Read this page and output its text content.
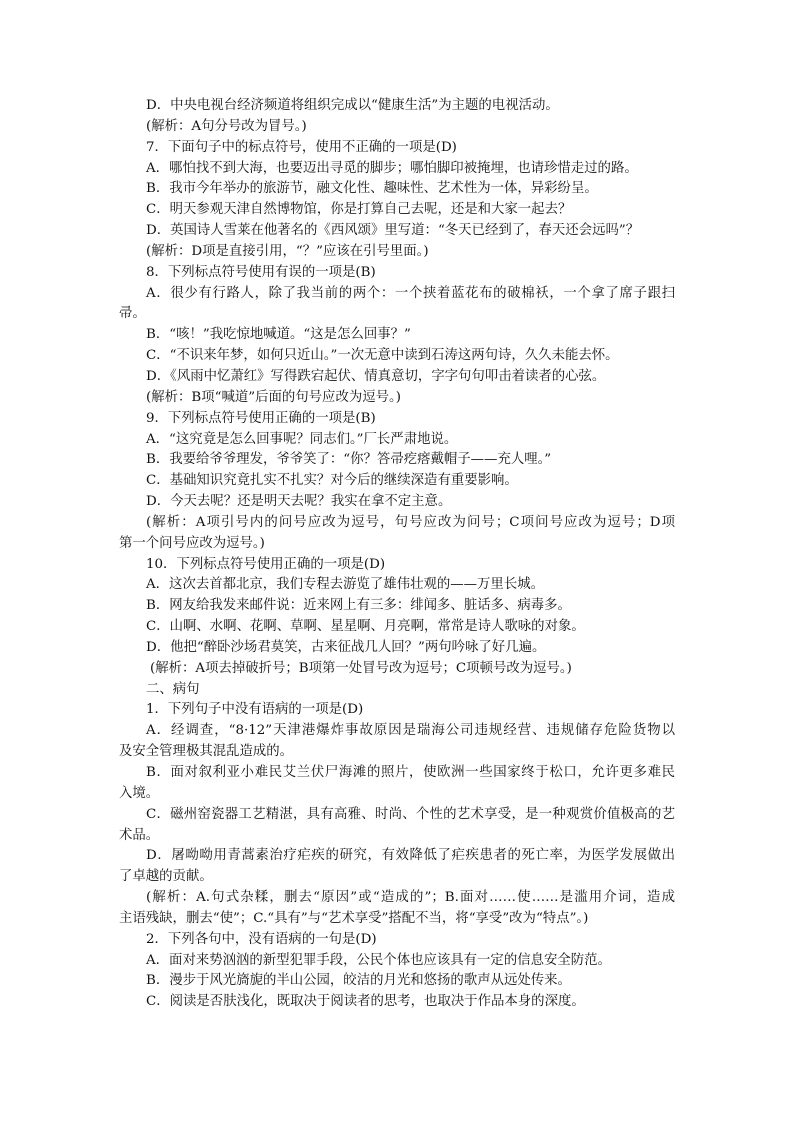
D．中央电视台经济频道将组织完成以“健康生活”为主题的电视活动。
(解析：A句分号改为冒号。)
7．下面句子中的标点符号，使用不正确的一项是(D)
A．哪怕找不到大海，也要迈出寻觅的脚步；哪怕脚印被掩埋，也请珍惜走过的路。
B．我市今年举办的旅游节，融文化性、趣味性、艺术性为一体，异彩纷呈。
C．明天参观天津自然博物馆，你是打算自己去呢，还是和大家一起去？
D．英国诗人雪莱在他著名的《西风颂》里写道：“冬天已经到了，春天还会远吗”？
(解析：D项是直接引用，“？”应该在引号里面。)
8．下列标点符号使用有误的一项是(B)
A．很少有行路人，除了我当前的两个：一个挟着蓝花布的破棉袄，一个拿了席子跟扫
帚。
B．“咳！”我吃惊地喊道。“这是怎么回事？”
C．“不识来年梦，如何只近山。”一次无意中读到石涛这两句诗，久久未能去怀。
D．《风雨中忆萧红》写得跌宕起伏、情真意切，字字句句叩击着读者的心弦。
(解析：B项“喊道”后面的句号应改为逗号。)
9．下列标点符号使用正确的一项是(B)
A．“这究竟是怎么回事呢？同志们。”厂长严肃地说。
B．我要给爷爷理发，爷爷笑了：“你？答帚疙瘩戴帽子——充人哩。”
C．基础知识究竟扎实不扎实？对今后的继续深造有重要影响。
D．今天去呢？还是明天去呢？我实在拿不定主意。
(解析：A项引号内的问号应改为逗号，句号应改为问号；C项问号应改为逗号；D项
第一个问号应改为逗号。)
10．下列标点符号使用正确的一项是(D)
A．这次去首都北京，我们专程去游览了雄伟壮观的——万里长城。
B．网友给我发来邮件说：近来网上有三多：绯闻多、脏话多、病毒多。
C．山啊、水啊、花啊、草啊、星星啊、月亮啊，常常是诗人歌咏的对象。
D．他把“醉卧沙场君莫笑，古来征战几人回？”两句吟咏了好几遍。
(解析：A项去掉破折号；B项第一处冒号改为逗号；C项顿号改为逗号。)
二、病句
1．下列句子中没有语病的一项是(D)
A．经调查，“8·12”天津港爆炸事故原因是瑞海公司违规经营、违规储存危险货物以
及安全管理极其混乱造成的。
B．面对叙利亚小难民艾兰伏尸海滩的照片，使欧洲一些国家终于松口，允许更多难民
入境。
C．磁州窑瓷器工艺精湛，具有高雅、时尚、个性的艺术享受，是一种观赏价值极高的艺
术品。
D．屠呦呦用青蒿素治疗疟疾的研究，有效降低了疟疾患者的死亡率，为医学发展做出
了卓越的贡献。
(解析：A.句式杂糅，删去“原因”或“造成的”；B.面对……使……是滥用介词，造成
主语残缺，删去“使”；C.“具有”与“艺术享受”搭配不当，将“享受”改为“特点”。)
2．下列各句中，没有语病的一句是(D)
A．面对来势汹汹的新型犯罪手段，公民个体也应该具有一定的信息安全防范。
B．漫步于风光旖旎的半山公园，皎洁的月光和悠扬的歌声从远处传来。
C．阅读是否肤浅化，既取决于阅读者的思考，也取决于作品本身的深度。
